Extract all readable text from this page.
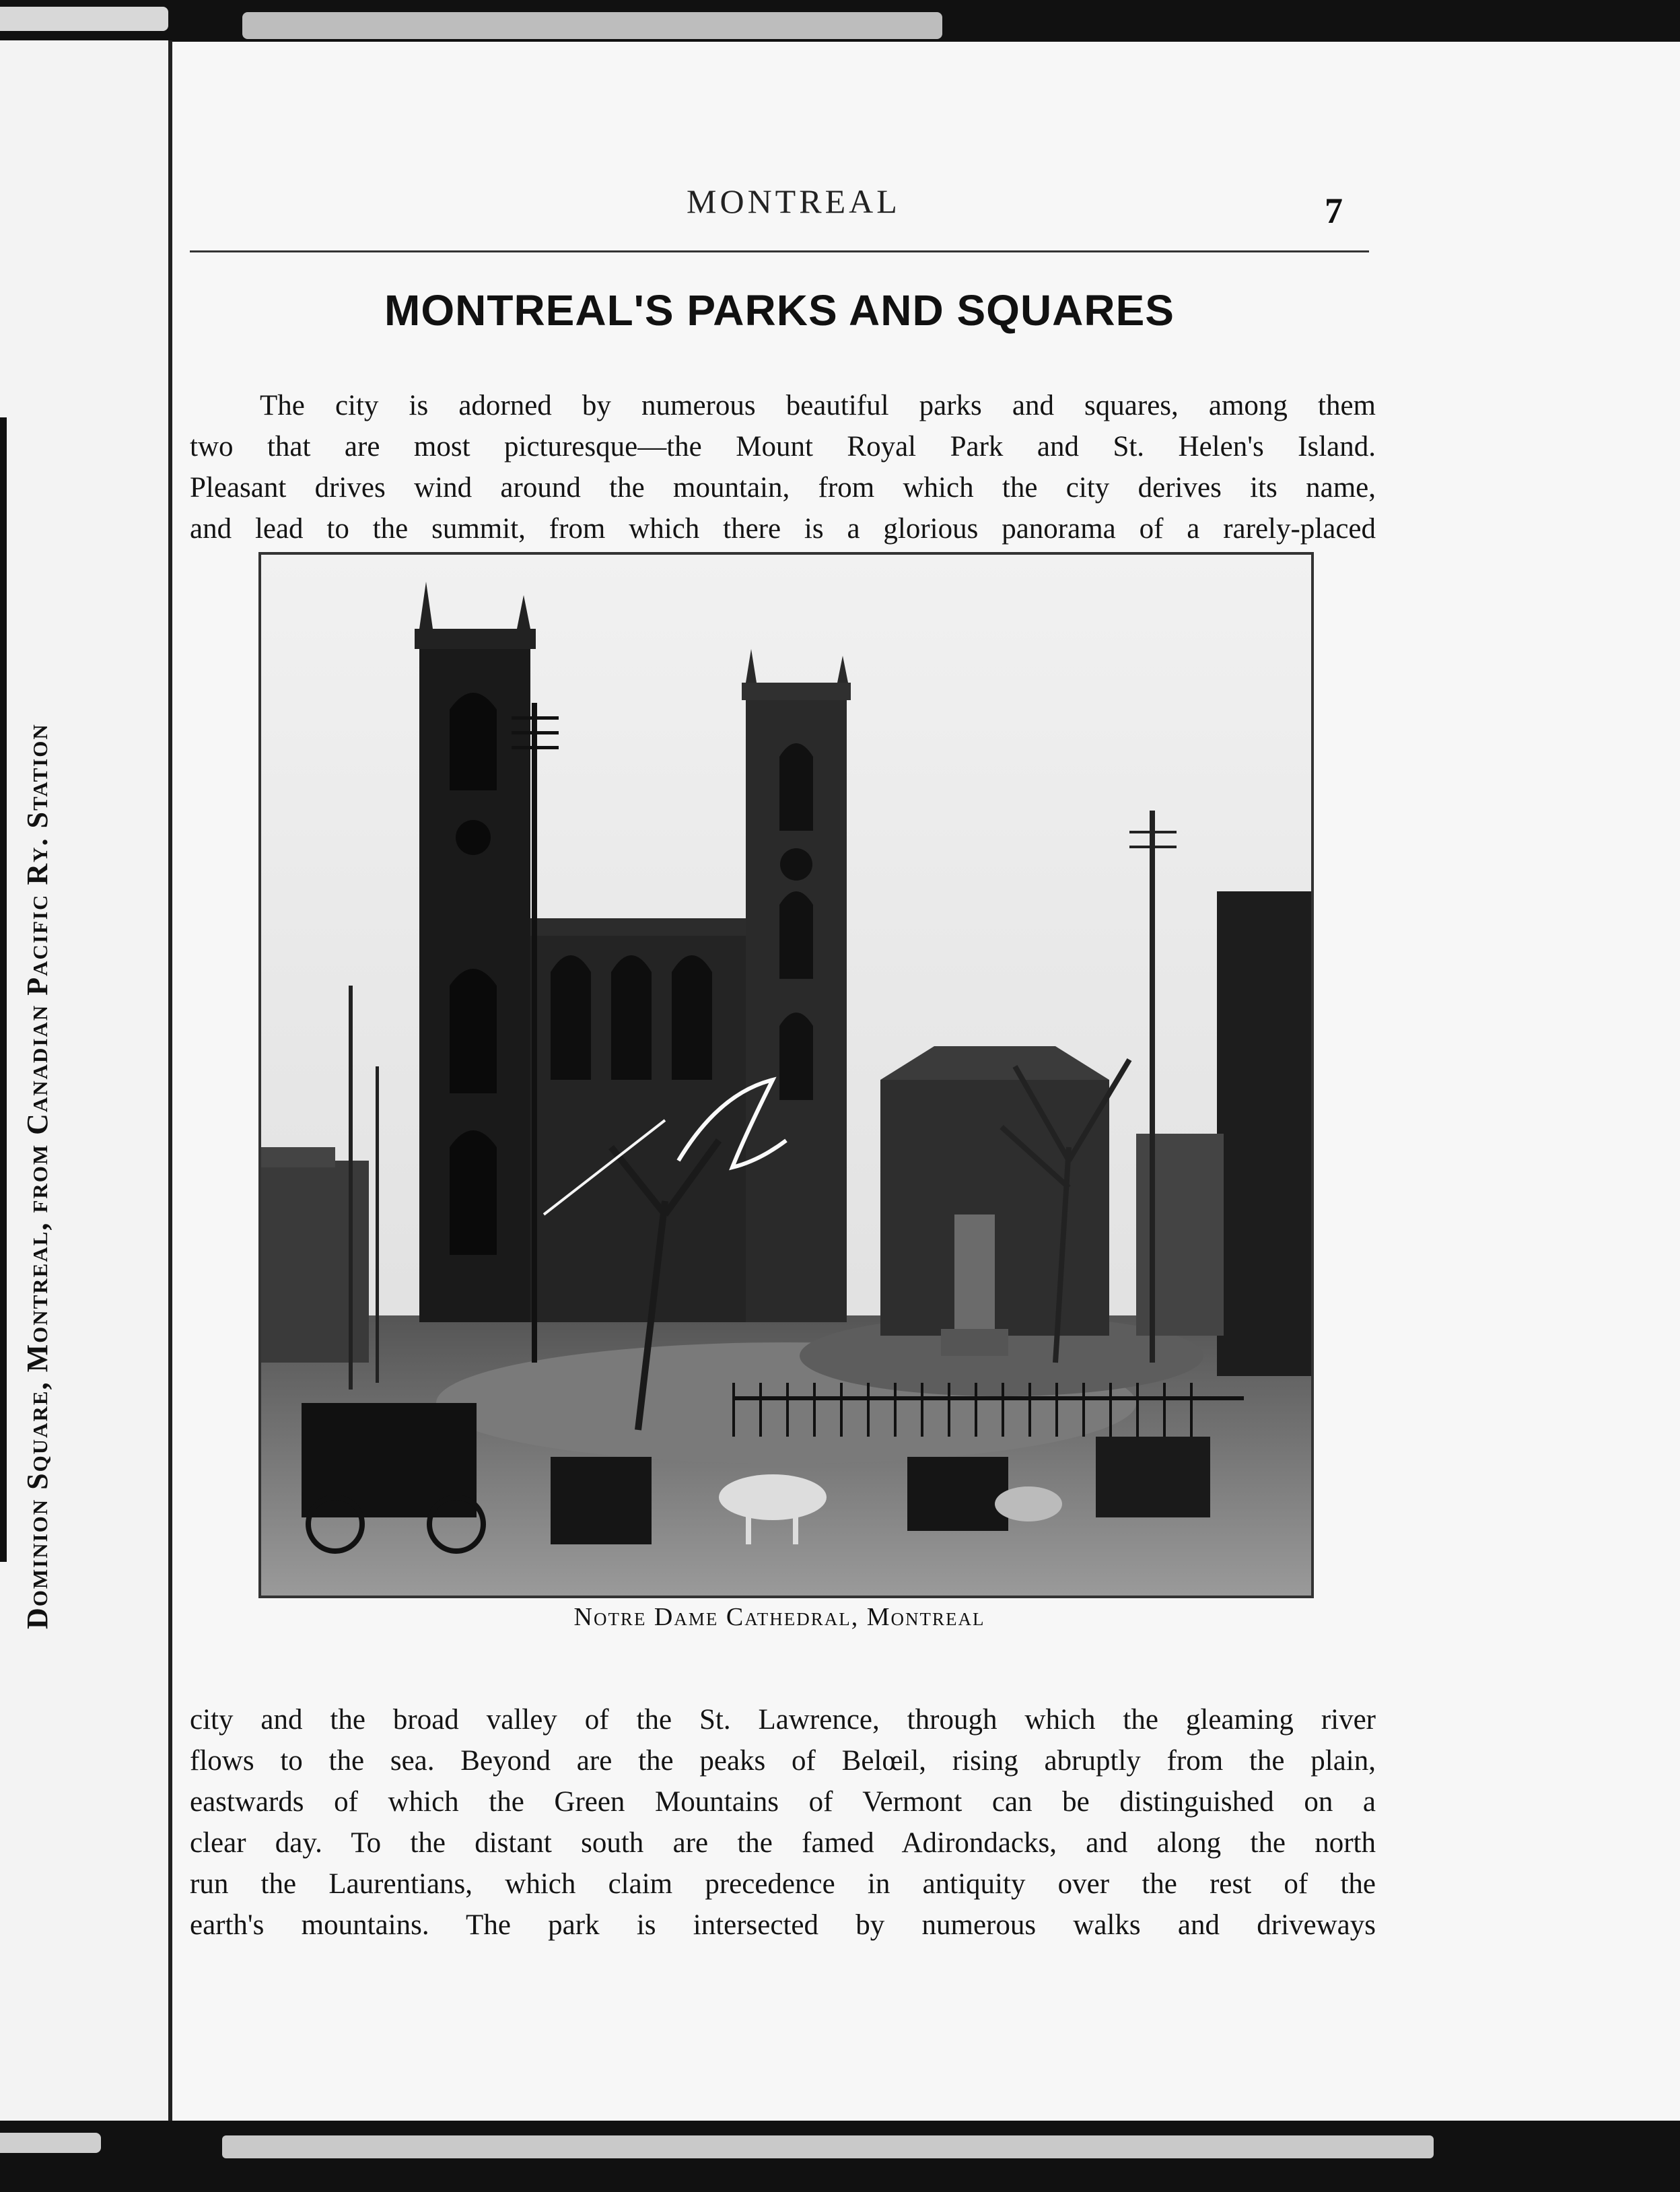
Dominion Square, Montreal, from Canadian Pacific Ry. Station
MONTREAL	7
MONTREAL'S PARKS AND SQUARES
The city is adorned by numerous beautiful parks and squares, among them
two that are most picturesque—the Mount Royal Park and St. Helen's Island.
Pleasant drives wind around the mountain, from which the city derives its name,
and lead to the summit, from which there is a glorious panorama of a rarely-placed
Notre Dame Cathedral, Montreal
city and the broad valley of the St. Lawrence, through which the gleaming river
flows to the sea. Beyond are the peaks of Belœil, rising abruptly from the plain,
eastwards of which the Green Mountains of Vermont can be distinguished on a
clear day. To the distant south are the famed Adirondacks, and along the north
run the Laurentians, which claim precedence in antiquity over the rest of the
earth's mountains. The park is intersected by numerous walks and driveways
